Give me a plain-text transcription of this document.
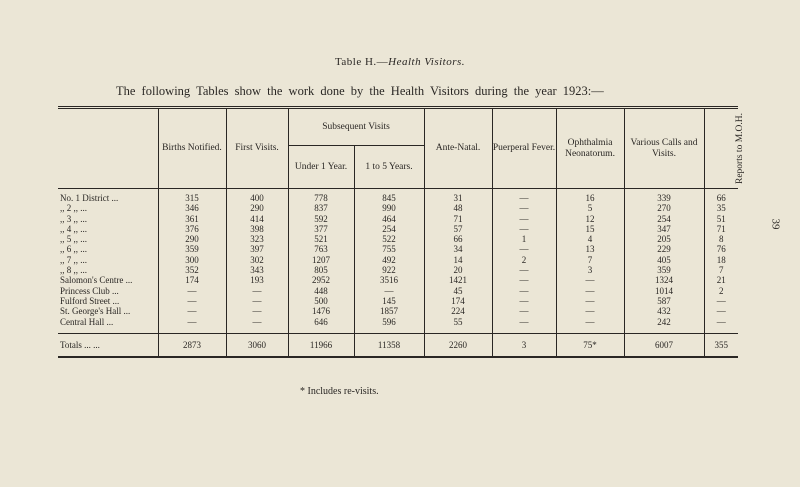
Table H.—Health Visitors.
The following Tables show the work done by the Health Visitors during the year 1923:—
39
	Births Notified.	First Visits.	Subsequent Visits		Ante-Natal.	Puerperal Fever.	Ophthalmia Neonatorum.	Various Calls and Visits.	Reports to M.O.H.
			Under 1 Year.	1 to 5 Years.					
No. 1 District ...	315	400	778	845	31	—	16	339	66
,, 2 ,, ...	346	290	837	990	48	—	5	270	35
,, 3 ,, ...	361	414	592	464	71	—	12	254	51
,, 4 ,, ...	376	398	377	254	57	—	15	347	71
,, 5 ,, ...	290	323	521	522	66	1	4	205	8
,, 6 ,, ...	359	397	763	755	34	—	13	229	76
,, 7 ,, ...	300	302	1207	492	14	2	7	405	18
,, 8 ,, ...	352	343	805	922	20	—	3	359	7
Salomon's Centre ...	174	193	2952	3516	1421	—	—	1324	21
Princess Club ...	—	—	448	—	45	—	—	1014	2
Fulford Street ...	—	—	500	145	174	—	—	587	—
St. George's Hall ...	—	—	1476	1857	224	—	—	432	—
Central Hall ...	—	—	646	596	55	—	—	242	—
Totals ... ...	2873	3060	11966	11358	2260	3	75*	6007	355
* Includes re-visits.
